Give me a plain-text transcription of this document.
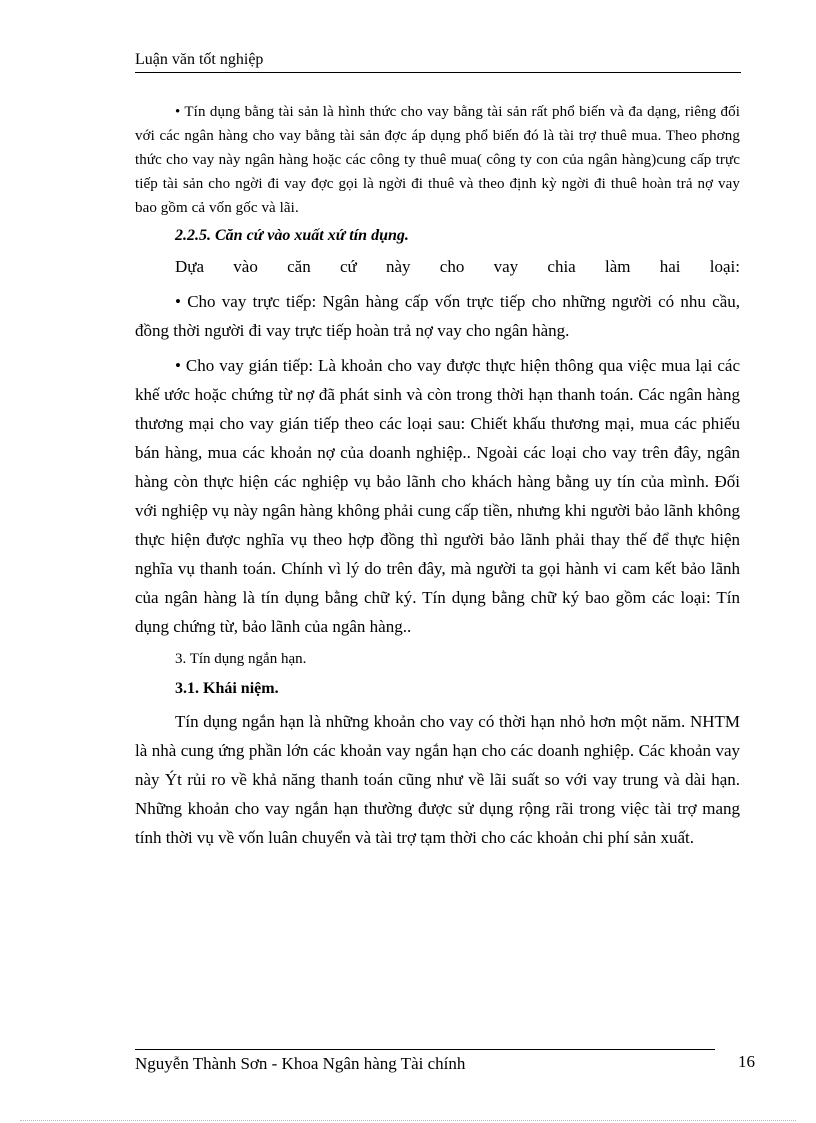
Luận văn tốt nghiệp

• Tín dụng bằng tài sản là hình thức cho vay bằng tài sản rất phổ biến và đa dạng, riêng đối với các ngân hàng cho vay bằng tài sản đợc áp dụng phổ biến đó là tài trợ thuê mua. Theo phơng thức cho vay này ngân hàng hoặc các công ty thuê mua( công ty con của ngân hàng)cung cấp trực tiếp tài sản cho ngời đi vay đợc gọi là ngời đi thuê và theo định kỳ ngời đi thuê hoàn trả nợ vay bao gồm cả vốn gốc và lãi.

2.2.5. Căn cứ vào xuất xứ tín dụng.

Dựa vào căn cứ này cho vay chia làm hai loại:

• Cho vay trực tiếp: Ngân hàng cấp vốn trực tiếp cho những người có nhu cầu, đồng thời người đi vay trực tiếp hoàn trả nợ vay cho ngân hàng.

• Cho vay gián tiếp: Là khoản cho vay được thực hiện thông qua việc mua lại các khế ước hoặc chứng từ nợ đã phát sinh và còn trong thời hạn thanh toán. Các ngân hàng thương mại cho vay gián tiếp theo các loại sau: Chiết khấu thương mại, mua các phiếu bán hàng, mua các khoản nợ của doanh nghiệp.. Ngoài các loại cho vay trên đây, ngân hàng còn thực hiện các nghiệp vụ bảo lãnh cho khách hàng bằng uy tín của mình. Đối với nghiệp vụ này ngân hàng không phải cung cấp tiền, nhưng khi người bảo lãnh không thực hiện được nghĩa vụ theo hợp đồng thì người bảo lãnh phải thay thế để thực hiện nghĩa vụ thanh toán. Chính vì lý do trên đây, mà người ta gọi hành vi cam kết bảo lãnh của ngân hàng là tín dụng bằng chữ ký. Tín dụng bằng chữ ký bao gồm các loại: Tín dụng chứng từ, bảo lãnh của ngân hàng..

3. Tín dụng ngắn hạn.

3.1. Khái niệm.

Tín dụng ngắn hạn là những khoản cho vay có thời hạn nhỏ hơn một năm. NHTM là nhà cung ứng phần lớn các khoản vay ngắn hạn cho các doanh nghiệp. Các khoản vay này Ýt rủi ro về khả năng thanh toán cũng như về lãi suất so với vay trung và dài hạn. Những khoản cho vay ngắn hạn thường được sử dụng rộng rãi trong việc tài trợ mang tính thời vụ về vốn luân chuyển và tài trợ tạm thời cho các khoản chi phí sản xuất.

Nguyễn Thành Sơn - Khoa Ngân hàng Tài chính	16
